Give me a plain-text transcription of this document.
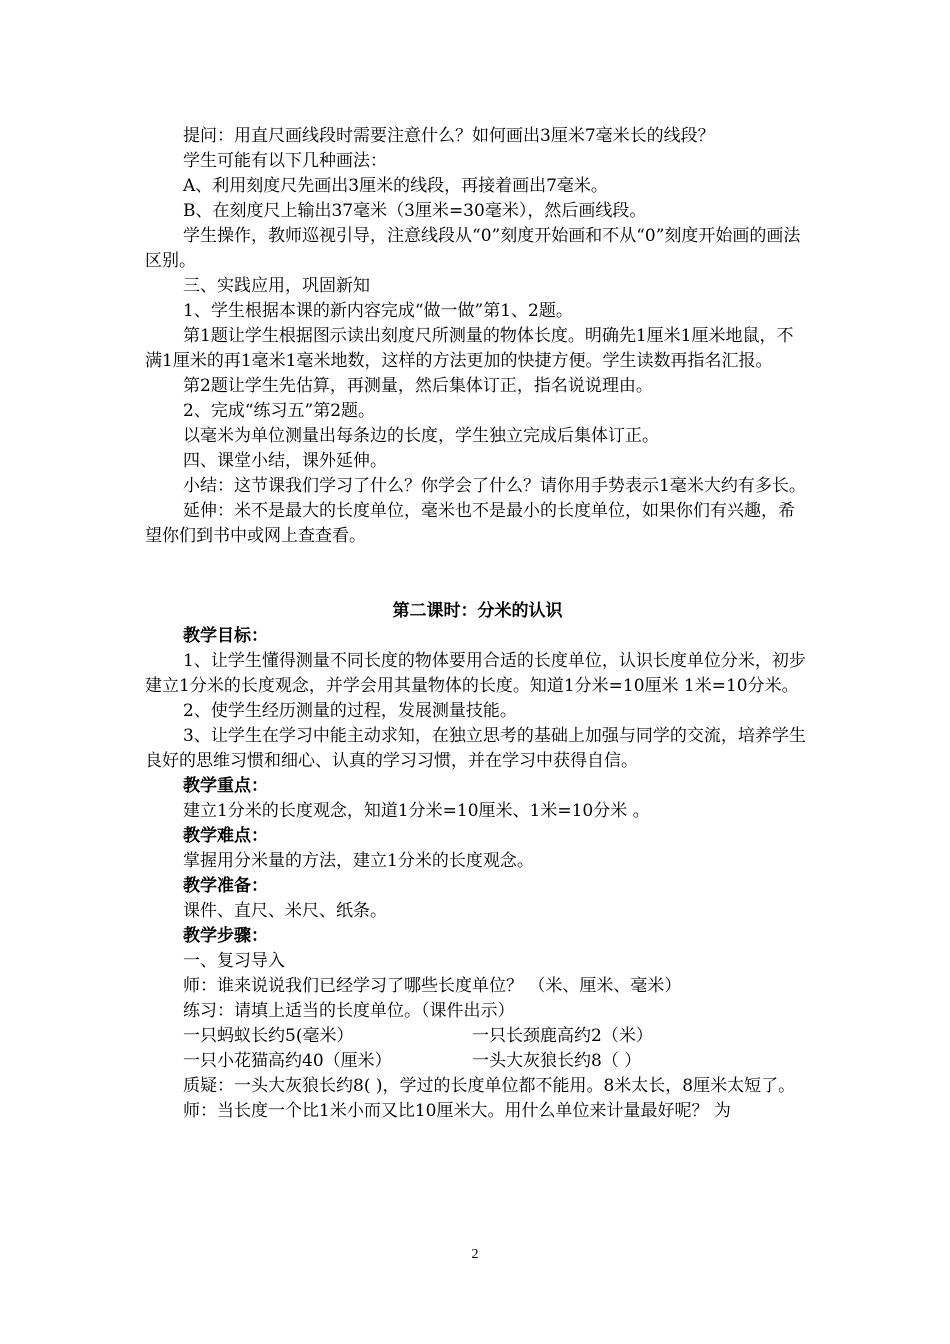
提问：用直尺画线段时需要注意什么？如何画出3厘米7毫米长的线段？

学生可能有以下几种画法：

A、利用刻度尺先画出3厘米的线段，再接着画出7毫米。

B、在刻度尺上输出37毫米（3厘米=30毫米），然后画线段。

学生操作，教师巡视引导，注意线段从“0”刻度开始画和不从“0”刻度开始画的画法区别。

三、实践应用，巩固新知

1、学生根据本课的新内容完成“做一做”第1、2题。

第1题让学生根据图示读出刻度尺所测量的物体长度。明确先1厘米1厘米地鼠，不满1厘米的再1毫米1毫米地数，这样的方法更加的快捷方便。学生读数再指名汇报。

第2题让学生先估算，再测量，然后集体订正，指名说说理由。

2、完成“练习五”第2题。

以毫米为单位测量出每条边的长度，学生独立完成后集体订正。

四、课堂小结，课外延伸。

小结：这节课我们学习了什么？你学会了什么？请你用手势表示1毫米大约有多长。

延伸：米不是最大的长度单位，毫米也不是最小的长度单位，如果你们有兴趣，希望你们到书中或网上查查看。

第二课时：分米的认识

教学目标：

1、让学生懂得测量不同长度的物体要用合适的长度单位，认识长度单位分米，初步建立1分米的长度观念，并学会用其量物体的长度。知道1分米=10厘米 1米=10分米。

2、使学生经历测量的过程，发展测量技能。

3、让学生在学习中能主动求知，在独立思考的基础上加强与同学的交流，培养学生良好的思维习惯和细心、认真的学习习惯，并在学习中获得自信。

教学重点：

建立1分米的长度观念，知道1分米=10厘米、1米=10分米 。

教学难点：

掌握用分米量的方法，建立1分米的长度观念。

教学准备：

课件、直尺、米尺、纸条。

教学步骤：

一、复习导入

师：谁来说说我们已经学习了哪些长度单位？ （米、厘米、毫米）

练习：请填上适当的长度单位。（课件出示）

一只蚂蚁长约5(毫米）	一只长颈鹿高约2（米）
一只小花猫高约40（厘米）	一头大灰狼长约8（ ）

质疑：一头大灰狼长约8( )，学过的长度单位都不能用。8米太长，8厘米太短了。

师：当长度一个比1米小而又比10厘米大。用什么单位来计量最好呢？ 为

2
